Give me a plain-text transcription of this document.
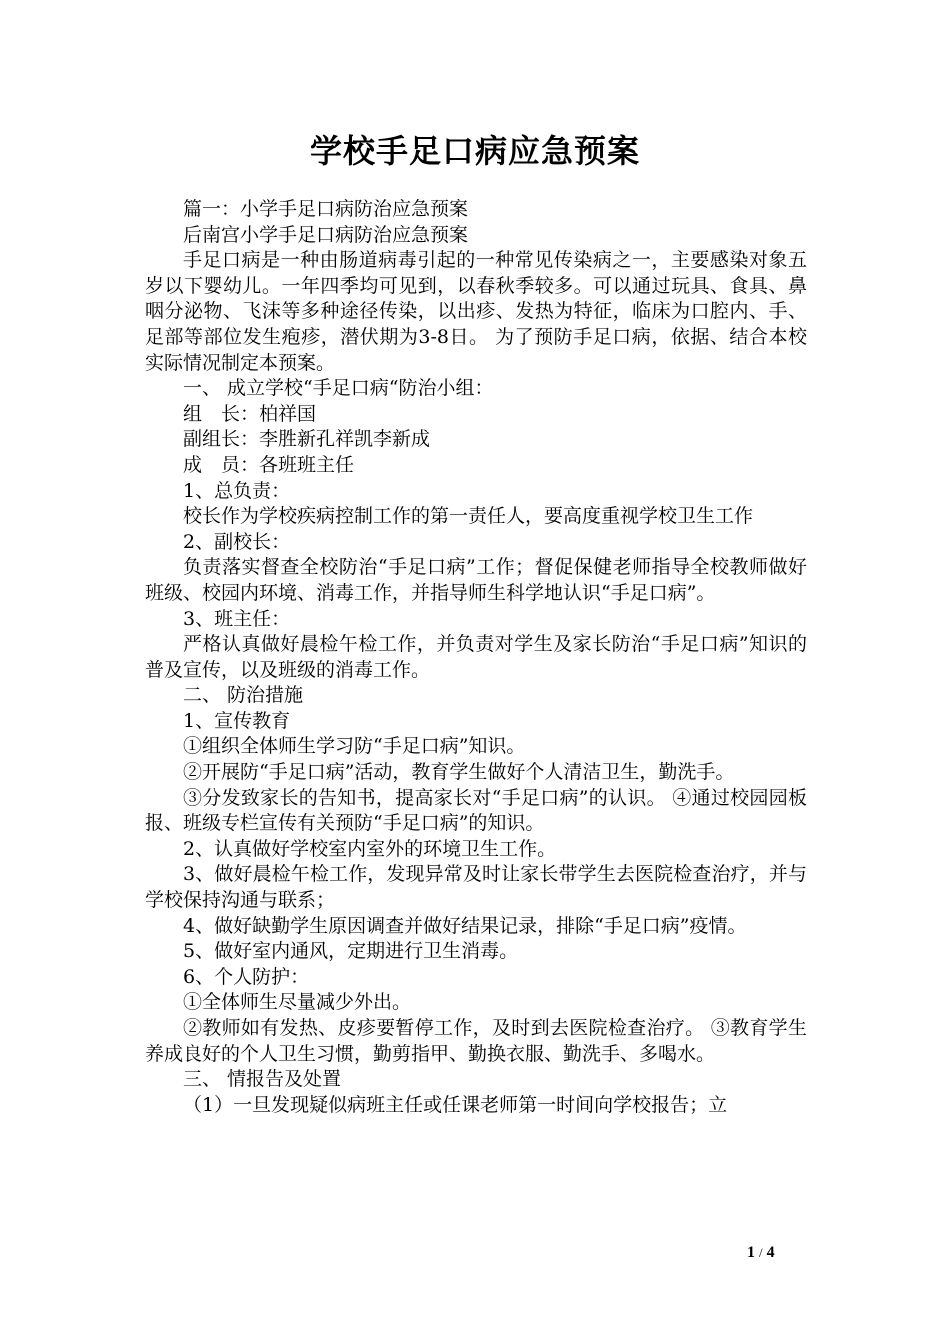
学校手足口病应急预案

篇一：小学手足口病防治应急预案

后南宫小学手足口病防治应急预案

手足口病是一种由肠道病毒引起的一种常见传染病之一，主要感染对象五岁以下婴幼儿。一年四季均可见到，以春秋季较多。可以通过玩具、食具、鼻咽分泌物、飞沫等多种途径传染，以出疹、发热为特征，临床为口腔内、手、足部等部位发生疱疹，潜伏期为3-8日。 为了预防手足口病，依据、结合本校实际情况制定本预案。

一、 成立学校“手足口病“防治小组：

组　长：柏祥国

副组长：李胜新孔祥凯李新成

成　员：各班班主任

1、总负责：

校长作为学校疾病控制工作的第一责任人，要高度重视学校卫生工作

2、副校长：

负责落实督查全校防治“手足口病”工作；督促保健老师指导全校教师做好班级、校园内环境、消毒工作，并指导师生科学地认识“手足口病”。

3、班主任：

严格认真做好晨检午检工作，并负责对学生及家长防治“手足口病”知识的普及宣传，以及班级的消毒工作。

二、 防治措施

1、宣传教育

①组织全体师生学习防“手足口病”知识。

②开展防“手足口病”活动，教育学生做好个人清洁卫生，勤洗手。

③分发致家长的告知书，提高家长对“手足口病”的认识。 ④通过校园园板报、班级专栏宣传有关预防“手足口病”的知识。

2、认真做好学校室内室外的环境卫生工作。

3、做好晨检午检工作，发现异常及时让家长带学生去医院检查治疗，并与学校保持沟通与联系；

4、做好缺勤学生原因调查并做好结果记录，排除“手足口病”疫情。

5、做好室内通风，定期进行卫生消毒。

6、个人防护：

①全体师生尽量减少外出。

②教师如有发热、皮疹要暂停工作，及时到去医院检查治疗。 ③教育学生养成良好的个人卫生习惯，勤剪指甲、勤换衣服、勤洗手、多喝水。

三、 情报告及处置

（1）一旦发现疑似病班主任或任课老师第一时间向学校报告；立

1 / 4
